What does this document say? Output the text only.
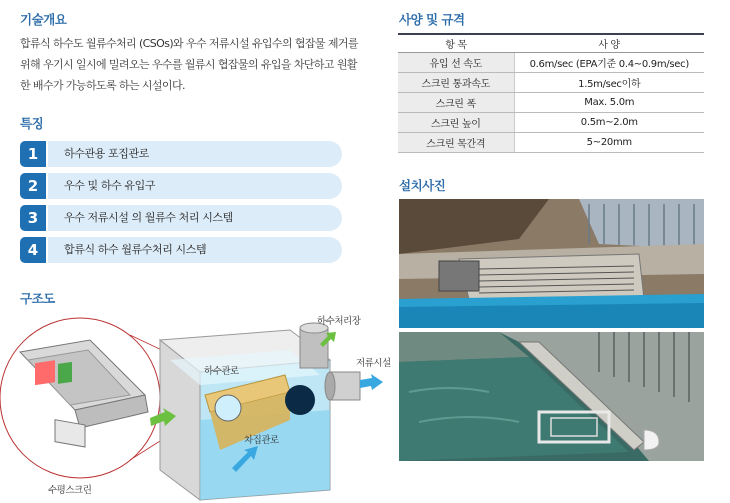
기술개요
합류식 하수도 월류수처리 (CSOs)와 우수 저류시설 유입수의 협잡물 제거를 위해 우기시 일시에 밀려오는 우수를 월류시 협잡물의 유입을 차단하고 원활한 배수가 가능하도록 하는 시설이다.
특징
1	하수관용 포집관로
2	우수 및 하수 유입구
3	우수 저류시설 의 월류수 처리 시스템
4	합류식 하수 월류수처리 시스템
구조도
하수관로
하수처리장
저류시설
차집관로
수평스크린
사양 및 규격
항 목	사 양
유입 선 속도	0.6m/sec (EPA기준 0.4~0.9m/sec)
스크린 통과속도	1.5m/sec이하
스크린 폭	Max. 5.0m
스크린 높이	0.5m~2.0m
스크린 목간격	5~20mm
설치사진
